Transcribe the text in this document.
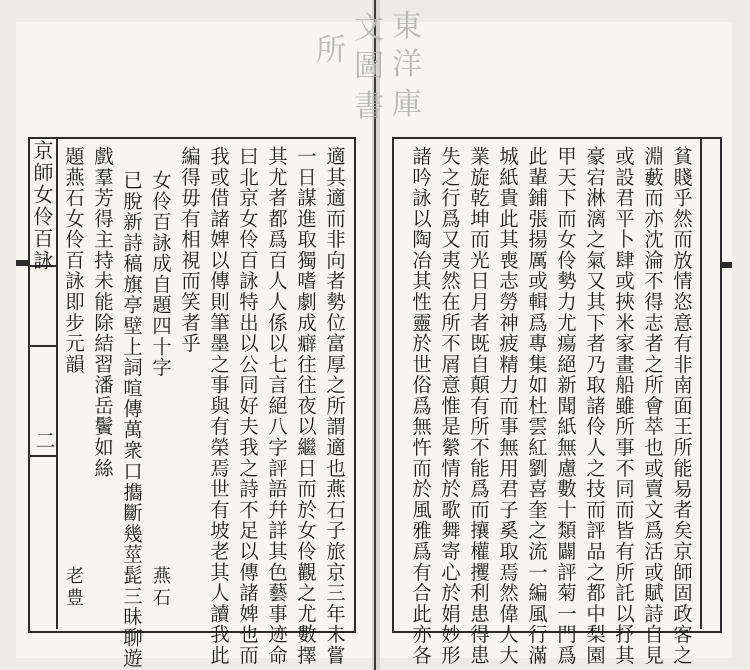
東
洋
庫
文
圖
書
所
京師女伶百詠
二	適其適而非向者勢位富厚之所謂適也燕石子旅京三年未嘗
一日謀進取獨嗜劇成癖往往夜以繼日而於女伶觀之尤數擇
其尤者都爲百人人係以七言絕八字評語幷詳其色藝事迹命
曰北京女伶百詠特出以公同好夫我之詩不足以傳諸婢也而
我或借諸婢以傳則筆墨之事與有榮焉世有坡老其人讀我此
編得毋有相視而笑者乎
女伶百詠成自題四十字
已脫新詩稿旗亭壁上詞喧傳萬衆口㩦斷幾莖髭三昧聊遊
戲羣芳得主持未能除結習潘岳鬢如絲
題燕石女伶百詠即步元韻
燕石
老豊	貧賤乎然而放情恣意有非南面王所能易者矣京師固政客之
淵藪而亦沈淪不得志者之所會萃也或賣文爲活或賦詩自見
或設君平卜肆或挾米家畫船雖所事不同而皆有所託以抒其
豪宕淋漓之氣又其下者乃取諸伶人之技而評品之都中梨園
甲天下而女伶勢力尤瘍絕新聞紙無慮數十類闢評菊一門爲
此輩鋪張揚厲或輯爲專集如杜雲紅劉喜奎之流一編風行滿
城紙貴此其喪志勞神疲精力而事無用君子奚取焉然偉人大
業旋乾坤而光日月者既自顛有所不能爲而攘權攫利患得患
失之行爲又夷然在所不屑意惟是縈情於歌舞寄心於娟妙形
諸吟詠以陶冶其性靈於世俗爲無忤而於風雅爲有合此亦各
